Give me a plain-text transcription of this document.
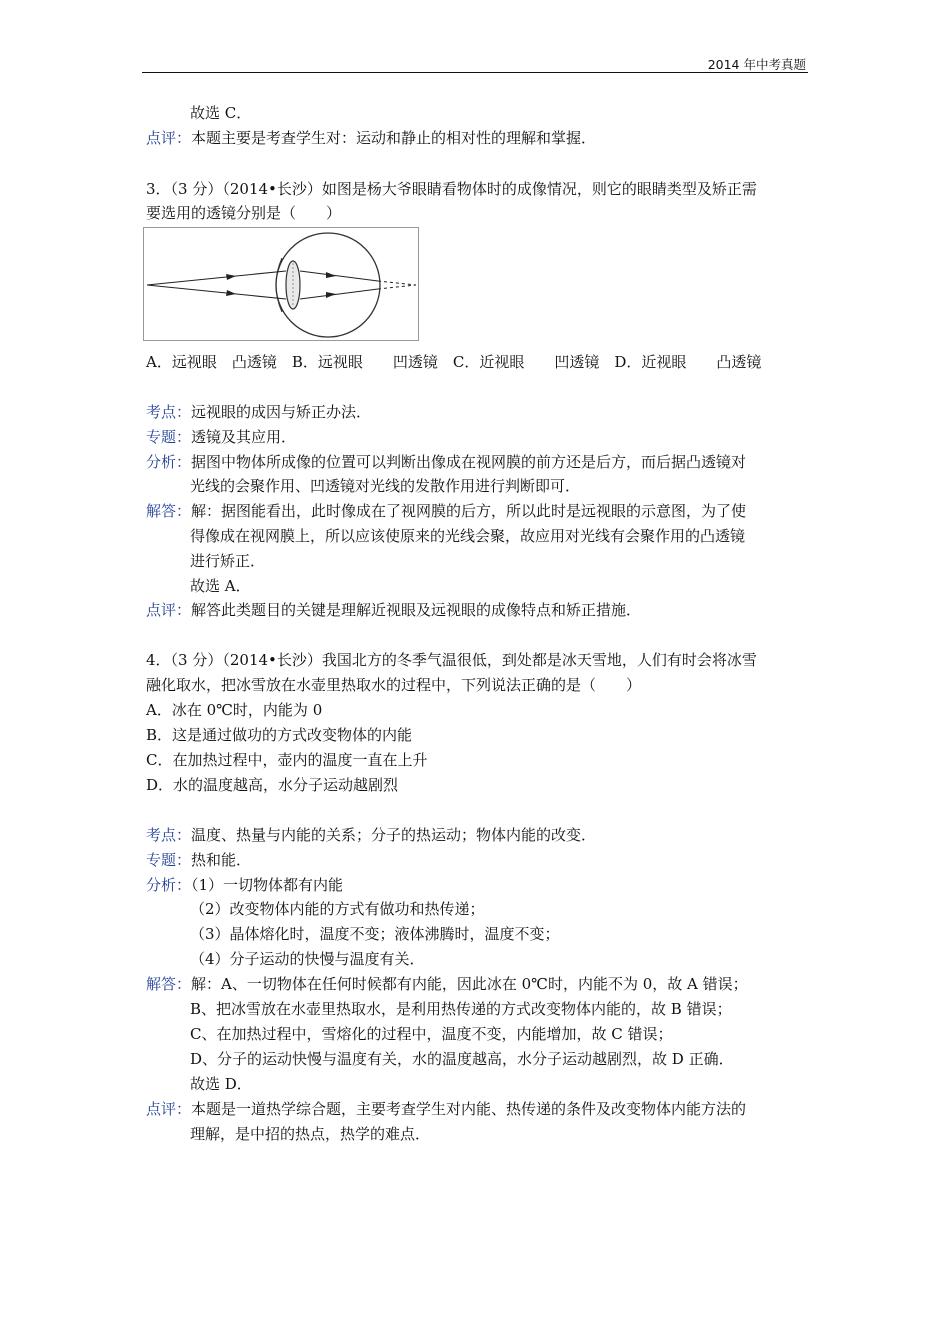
2014 年中考真题
故选 C．
点评：本题主要是考查学生对：运动和静止的相对性的理解和掌握．
3．（3 分）（2014•长沙）如图是杨大爷眼睛看物体时的成像情况，则它的眼睛类型及矫正需
要选用的透镜分别是（　　）
A．远视眼　凸透镜　B．远视眼　　凹透镜　C．近视眼　　凹透镜　D．近视眼　　凸透镜
考点：远视眼的成因与矫正办法．
专题：透镜及其应用．
分析：据图中物体所成像的位置可以判断出像成在视网膜的前方还是后方，而后据凸透镜对
光线的会聚作用、凹透镜对光线的发散作用进行判断即可．
解答：解：据图能看出，此时像成在了视网膜的后方，所以此时是远视眼的示意图，为了使
得像成在视网膜上，所以应该使原来的光线会聚，故应用对光线有会聚作用的凸透镜
进行矫正．
故选 A．
点评：解答此类题目的关键是理解近视眼及远视眼的成像特点和矫正措施．
4．（3 分）（2014•长沙）我国北方的冬季气温很低，到处都是冰天雪地，人们有时会将冰雪
融化取水，把冰雪放在水壶里热取水的过程中，下列说法正确的是（　　）
A．冰在 0℃时，内能为 0
B．这是通过做功的方式改变物体的内能
C．在加热过程中，壶内的温度一直在上升
D．水的温度越高，水分子运动越剧烈
考点：温度、热量与内能的关系；分子的热运动；物体内能的改变．
专题：热和能．
分析：（1）一切物体都有内能
（2）改变物体内能的方式有做功和热传递；
（3）晶体熔化时，温度不变；液体沸腾时，温度不变；
（4）分子运动的快慢与温度有关．
解答：解：A、一切物体在任何时候都有内能，因此冰在 0℃时，内能不为 0，故 A 错误；
B、把冰雪放在水壶里热取水，是利用热传递的方式改变物体内能的，故 B 错误；
C、在加热过程中，雪熔化的过程中，温度不变，内能增加，故 C 错误；
D、分子的运动快慢与温度有关，水的温度越高，水分子运动越剧烈，故 D 正确．
故选 D．
点评：本题是一道热学综合题，主要考查学生对内能、热传递的条件及改变物体内能方法的
理解，是中招的热点，热学的难点．
